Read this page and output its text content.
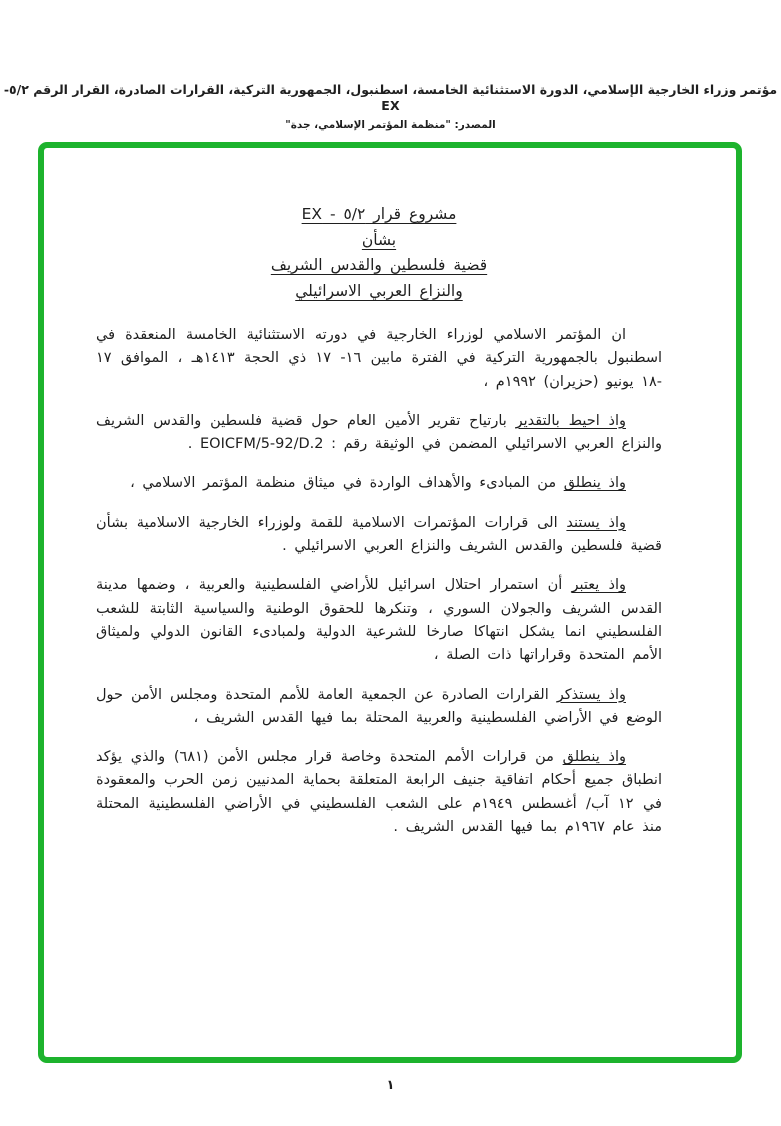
مؤتمر وزراء الخارجية الإسلامي، الدورة الاستثنائية الخامسة، اسطنبول، الجمهورية التركية، القرارات الصادرة، القرار الرقم ٥/٢-EX
المصدر: "منظمة المؤتمر الإسلامي، جدة"
مشروع قرار ٥/٢ - EX
بشأن
قضية فلسطين والقدس الشريف
والنزاع العربي الاسرائيلي

ان المؤتمر الاسلامي لوزراء الخارجية في دورته الاستثنائية الخامسة المنعقدة في اسطنبول بالجمهورية التركية في الفترة مابين ١٦- ١٧ ذي الحجة ١٤١٣هـ ، الموافق ١٧ -١٨ يونيو (حزيران) ١٩٩٢م ،

واذ احيط بالتقدير بارتياح تقرير الأمين العام حول قضية فلسطين والقدس الشريف والنزاع العربي الاسرائيلي المضمن في الوثيقة رقم : EOICFM/5-92/D.2 .

واذ ينطلق من المبادىء والأهداف الواردة في ميثاق منظمة المؤتمر الاسلامي ،

واذ يستند الى قرارات المؤتمرات الاسلامية للقمة ولوزراء الخارجية الاسلامية بشأن قضية فلسطين والقدس الشريف والنزاع العربي الاسرائيلي .

واذ يعتبر أن استمرار احتلال اسرائيل للأراضي الفلسطينية والعربية ، وضمها مدينة القدس الشريف والجولان السوري ، وتنكرها للحقوق الوطنية والسياسية الثابتة للشعب الفلسطيني انما يشكل انتهاكا صارخا للشرعية الدولية ولمبادىء القانون الدولي ولميثاق الأمم المتحدة وقراراتها ذات الصلة ،

واذ يستذكر القرارات الصادرة عن الجمعية العامة للأمم المتحدة ومجلس الأمن حول الوضع في الأراضي الفلسطينية والعربية المحتلة بما فيها القدس الشريف ،

واذ ينطلق من قرارات الأمم المتحدة وخاصة قرار مجلس الأمن (٦٨١) والذي يؤكد انطباق جميع أحكام اتفاقية جنيف الرابعة المتعلقة بحماية المدنيين زمن الحرب والمعقودة في ١٢ آب/ أغسطس ١٩٤٩م على الشعب الفلسطيني في الأراضي الفلسطينية المحتلة منذ عام ١٩٦٧م بما فيها القدس الشريف .

١
